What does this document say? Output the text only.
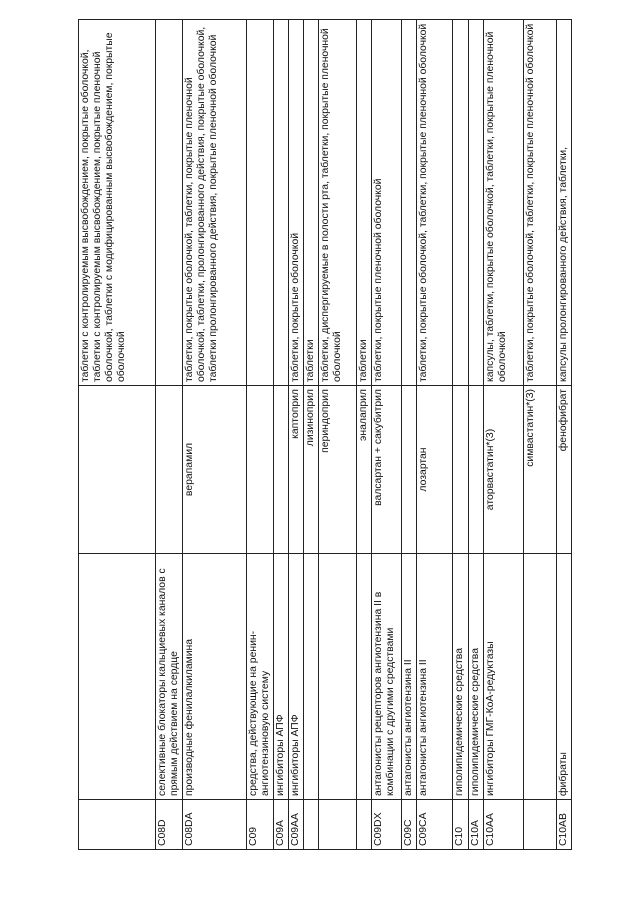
			таблетки с контролируемым высвобождением, покрытые оболочкой, таблетки с контролируемым высвобождением, покрытые пленочной оболочкой, таблетки с модифицированным высвобождением, покрытые оболочкой
C08D	селективные блокаторы кальциевых каналов с прямым действием на сердце		
C08DA	производные фенилалкиламина	верапамил	таблетки, покрытые оболочкой, таблетки, покрытые пленочной оболочкой, таблетки, пролонгированного действия, покрытые оболочкой, таблетки пролонгированного действия, покрытые пленочной оболочкой
C09	средства, действующие на ренин-ангиотензиновую систему		
C09A	ингибиторы АПФ		
C09AA	ингибиторы АПФ	каптоприл	таблетки, покрытые оболочкой
		лизиноприл	таблетки
		периндоприл	таблетки, диспергируемые в полости рта, таблетки, покрытые пленочной оболочкой
		эналаприл	таблетки
C09DX	антагонисты рецепторов ангиотензина II в комбинации с другими средствами	валсартан + сакубитрил	таблетки, покрытые пленочной оболочкой
C09C	антагонисты ангиотензина II		
C09CA	антагонисты ангиотензина II	лозартан	таблетки, покрытые оболочкой, таблетки, покрытые пленочной оболочкой
C10	гиполипидемические средства		
C10A	гиполипидемические средства		
C10AA	ингибиторы ГМГ-КоА-редуктазы	аторвастатин*(3)	капсулы, таблетки, покрытые оболочкой, таблетки, покрытые пленочной оболочкой
		симвастатин*(3)	таблетки, покрытые оболочкой, таблетки, покрытые пленочной оболочкой
C10AB	фибраты	фенофибрат	капсулы пролонгированного действия, таблетки,
